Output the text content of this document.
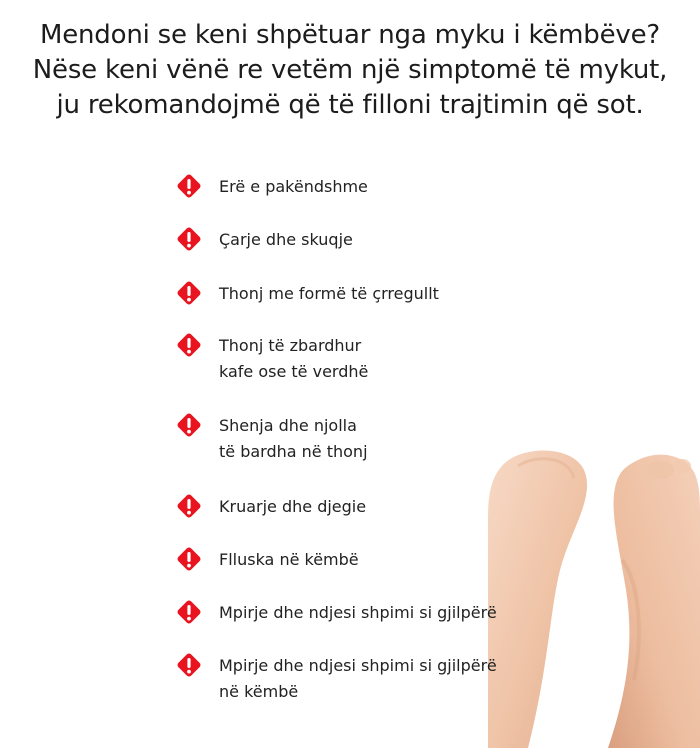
Mendoni se keni shpëtuar nga myku i këmbëve?
Nëse keni vënë re vetëm një simptomë të mykut,
ju rekomandojmë që të filloni trajtimin që sot.
Erë e pakëndshme
Çarje dhe skuqje
Thonj me formë të çrregullt
Thonj të zbardhur
kafe ose të verdhë
Shenja dhe njolla
të bardha në thonj
Kruarje dhe djegie
Flluska në këmbë
Mpirje dhe ndjesi shpimi si gjilpërë
Mpirje dhe ndjesi shpimi si gjilpërë
në këmbë
